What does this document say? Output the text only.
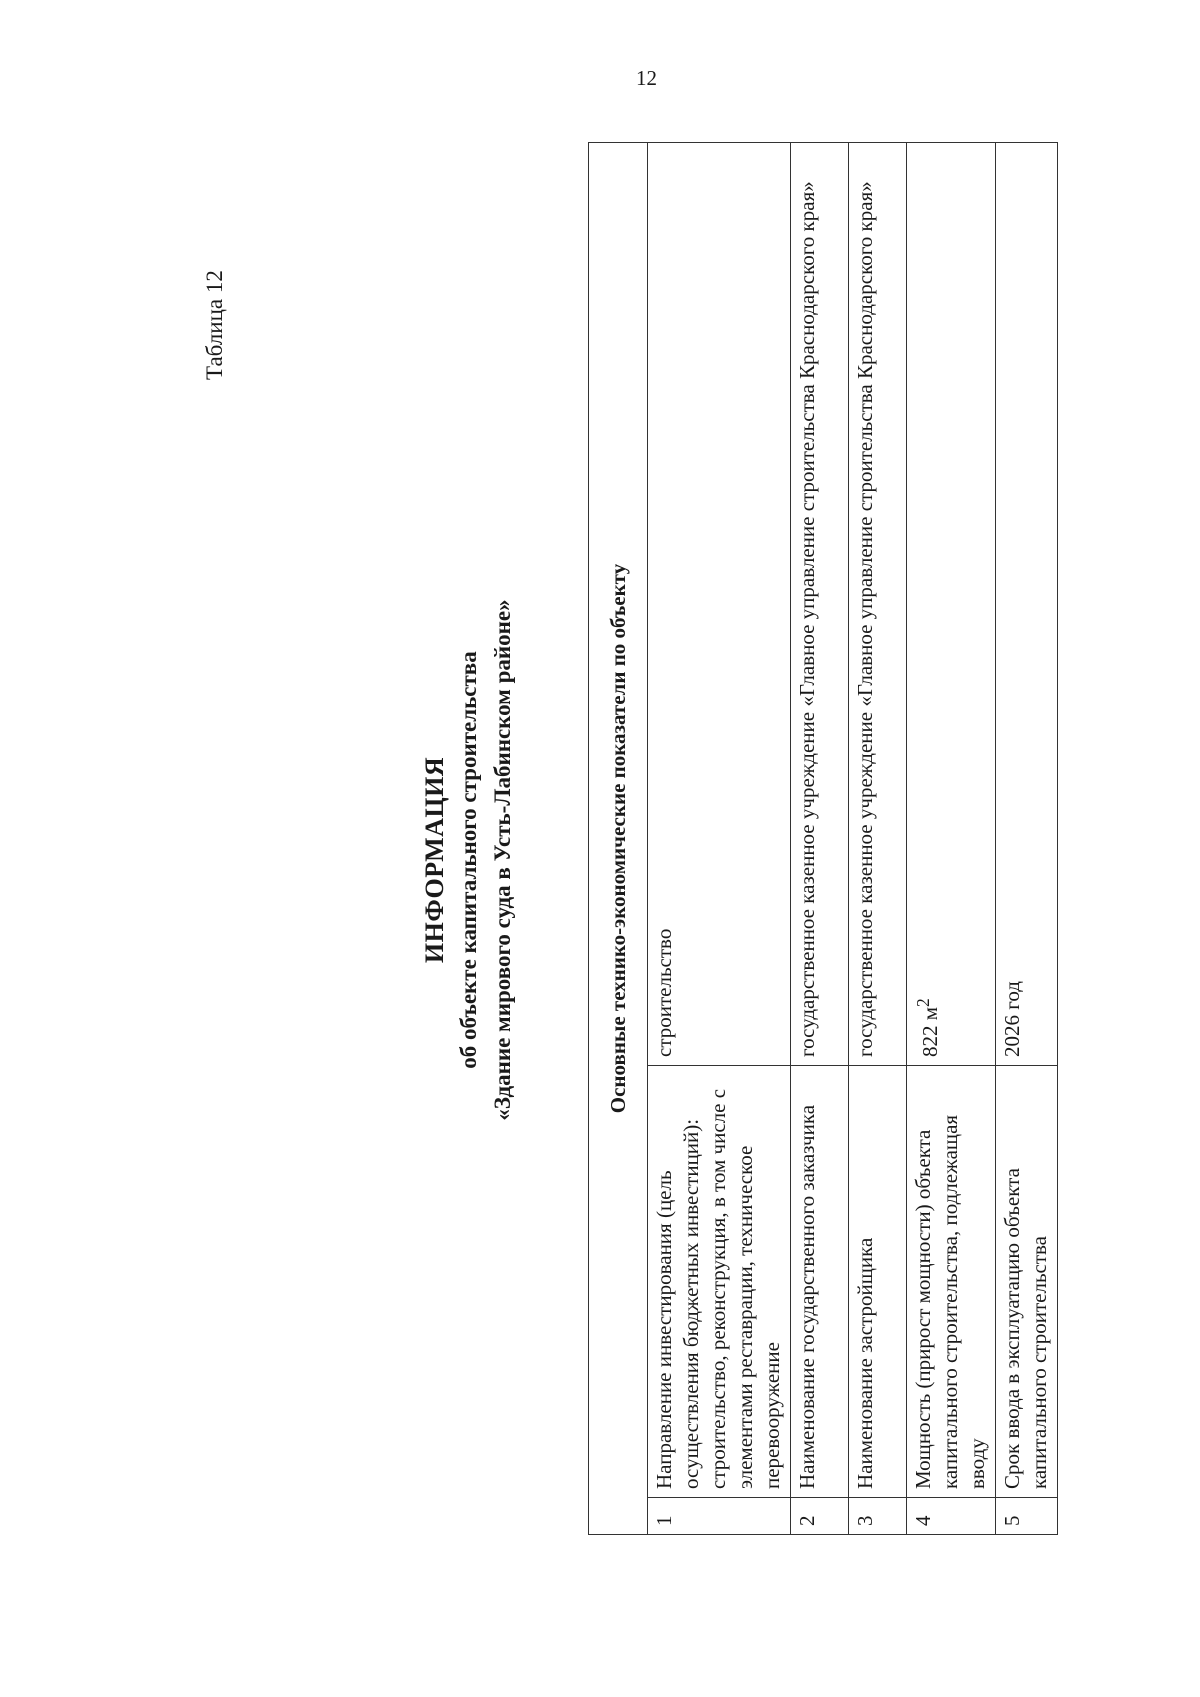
12
Таблица 12
ИНФОРМАЦИЯ об объекте капитального строительства «Здание мирового суда в Усть-Лабинском районе»	Основные технико-экономические показатели по объекту		
1	Направление инвестирования (цель осуществления бюджетных инвестиций): строительство, реконструкция, в том числе с элементами реставрации, техническое перевооружение	строительство
2	Наименование государственного заказчика	государственное казенное учреждение «Главное управление строительства Краснодарского края»
3	Наименование застройщика	государственное казенное учреждение «Главное управление строительства Краснодарского края»
4	Мощность (прирост мощности) объекта капитального строительства, подлежащая вводу	822 $м^2$
5	Срок ввода в эксплуатацию объекта капитального строительства	2026 год
